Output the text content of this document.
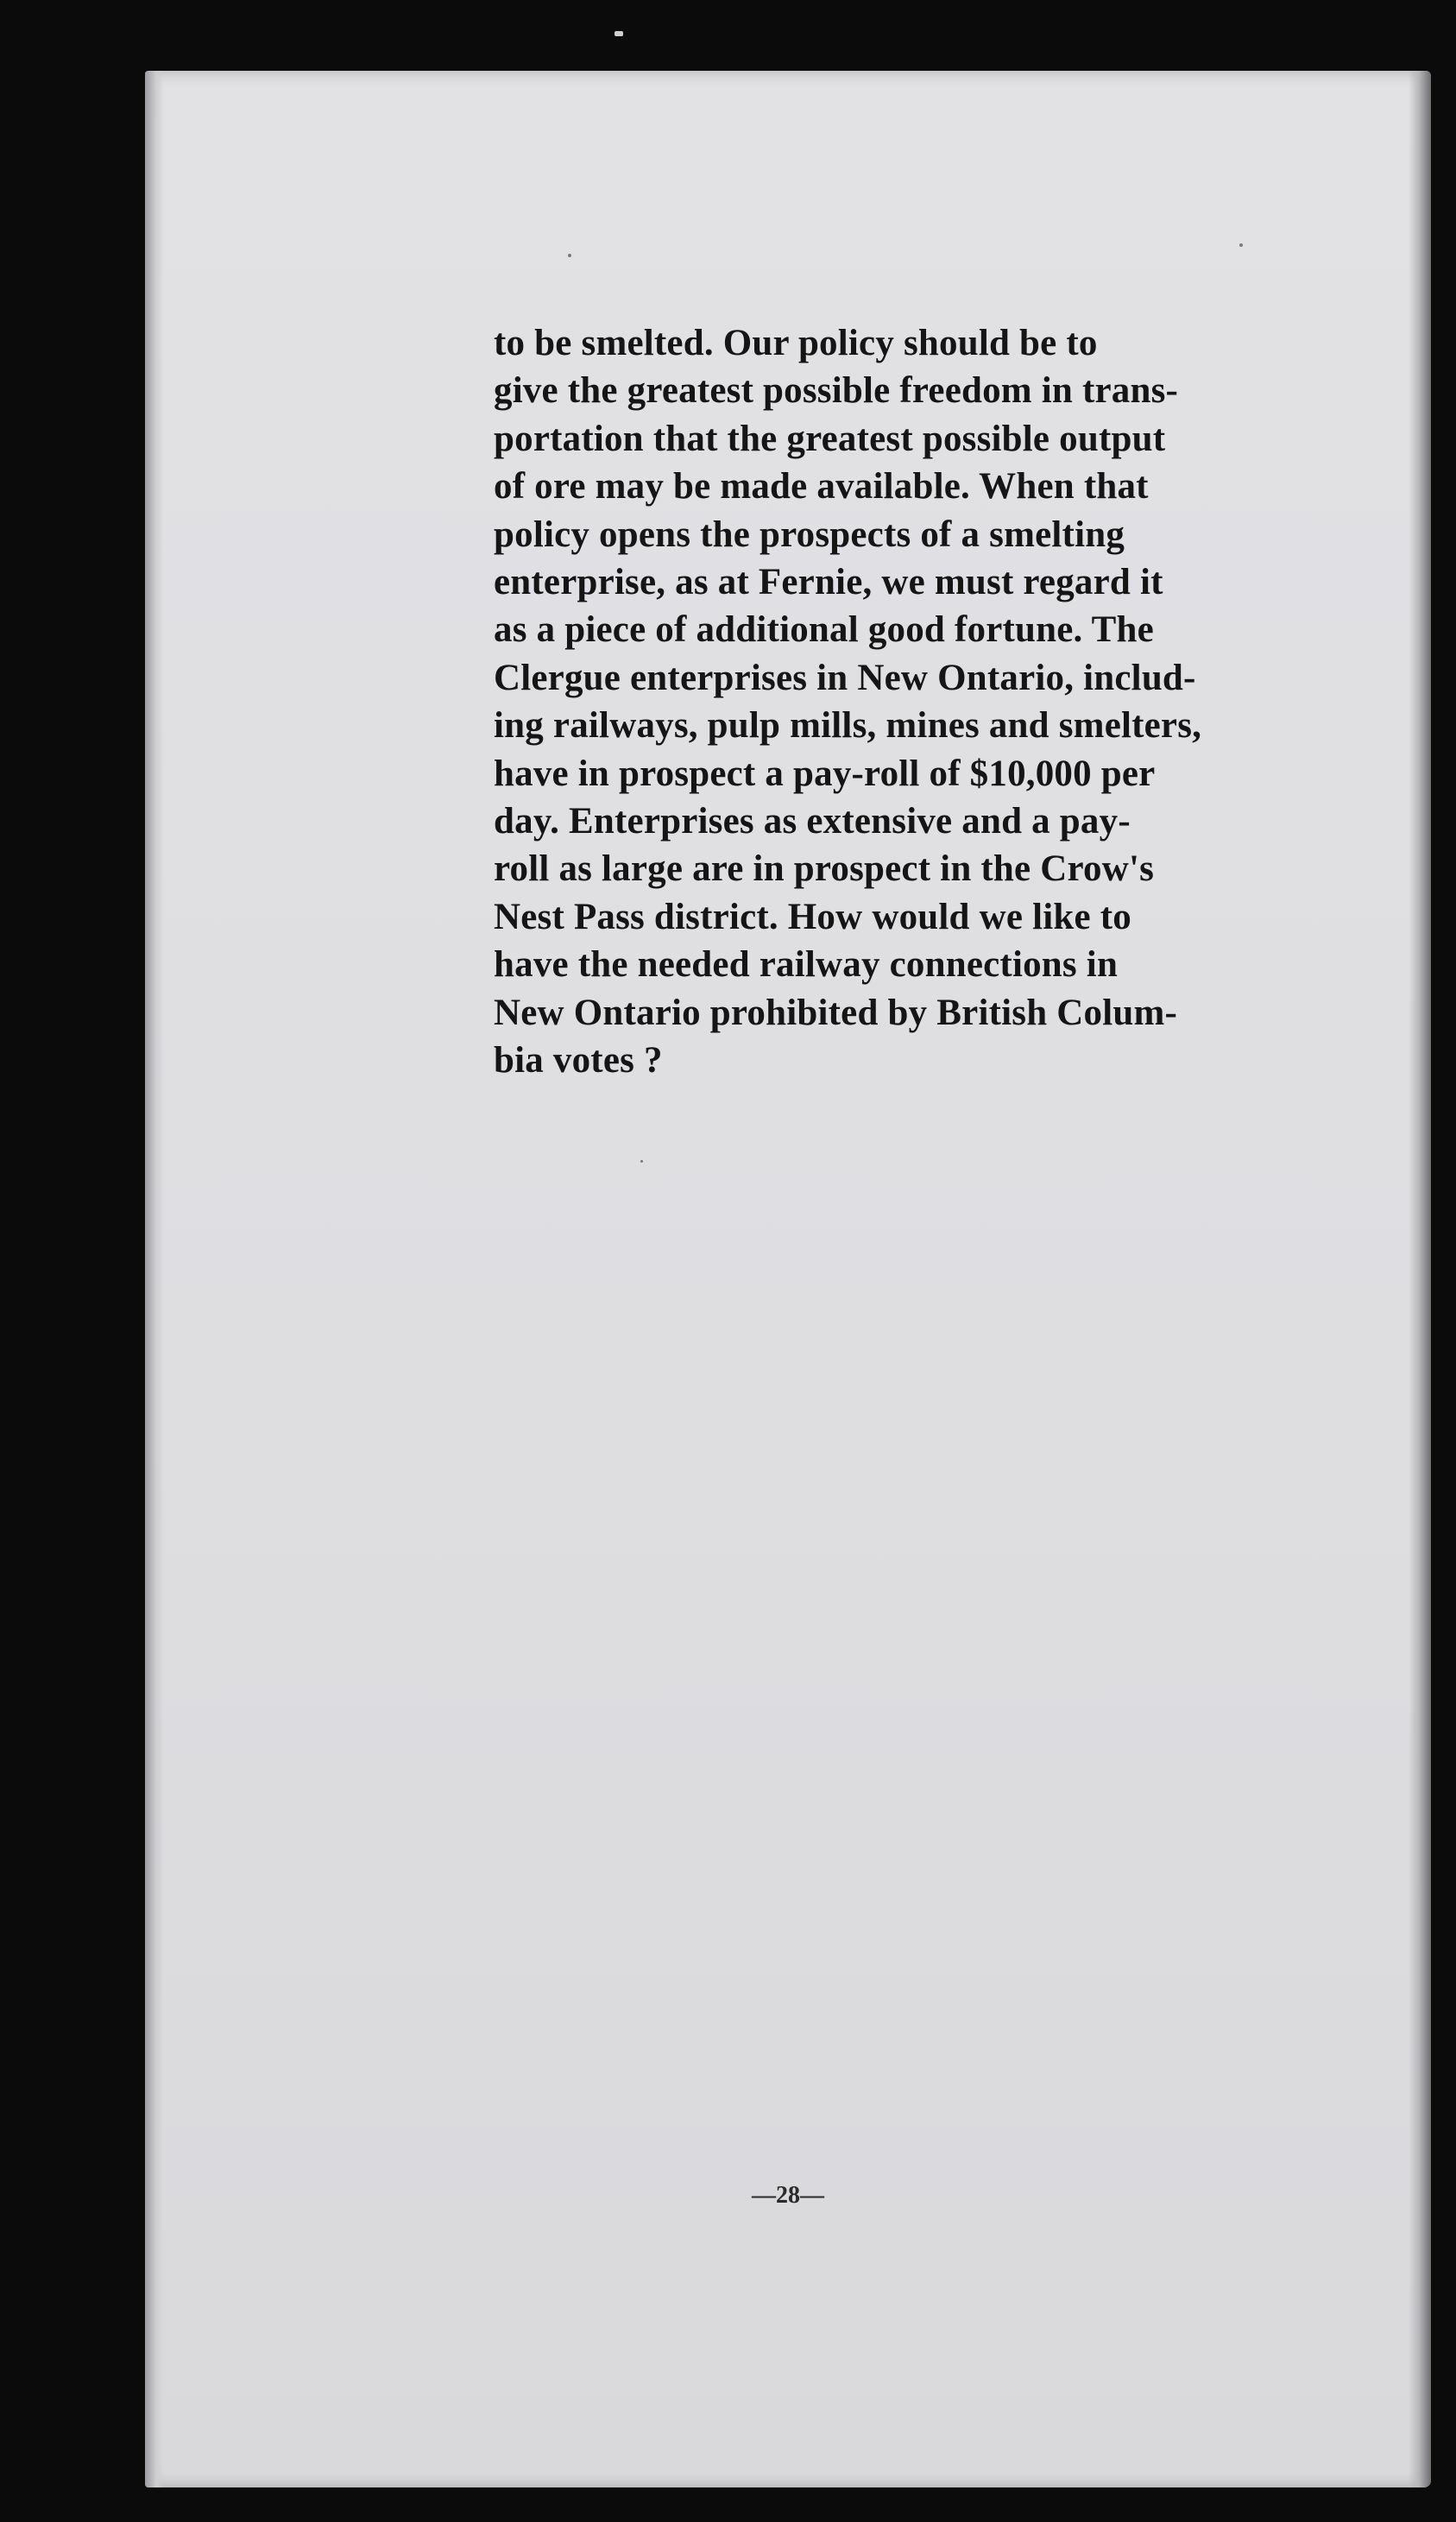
to be smelted. Our policy should be to
give the greatest possible freedom in trans-
portation that the greatest possible output
of ore may be made available. When that
policy opens the prospects of a smelting
enterprise, as at Fernie, we must regard it
as a piece of additional good fortune. The
Clergue enterprises in New Ontario, includ-
ing railways, pulp mills, mines and smelters,
have in prospect a pay-roll of $10,000 per
day. Enterprises as extensive and a pay-
roll as large are in prospect in the Crow's
Nest Pass district. How would we like to
have the needed railway connections in
New Ontario prohibited by British Colum-
bia votes ?

—28—
